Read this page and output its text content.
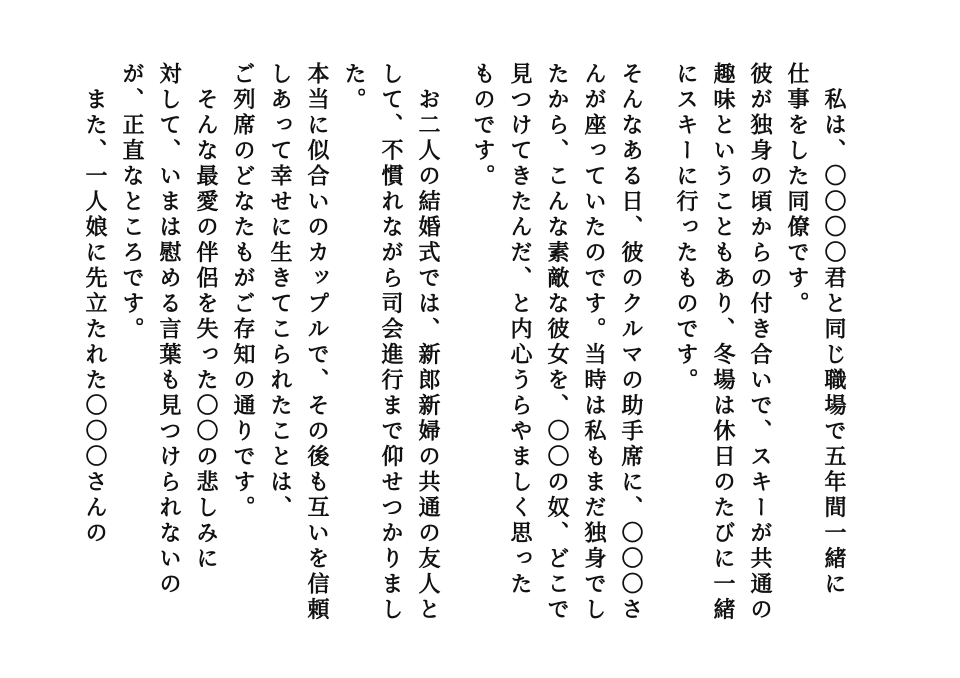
　私は、〇〇〇〇君と同じ職場で五年間一緒に
仕事をした同僚です。
彼が独身の頃からの付き合いで、スキーが共通の
趣味ということもあり、冬場は休日のたびに一緒
にスキーに行ったものです。
そんなある日、彼のクルマの助手席に、〇〇〇さ
んが座っていたのです。当時は私もまだ独身でし
たから、こんな素敵な彼女を、〇〇の奴、どこで
見つけてきたんだ、と内心うらやましく思った
ものです。
　お二人の結婚式では、新郎新婦の共通の友人と
して、不慣れながら司会進行まで仰せつかりまし
た。
本当に似合いのカップルで、その後も互いを信頼
しあって幸せに生きてこられたことは、
ご列席のどなたもがご存知の通りです。
　そんな最愛の伴侶を失った〇〇の悲しみに
対して、いまは慰める言葉も見つけられないの
が、正直なところです。
　また、一人娘に先立たれた〇〇〇さんの
